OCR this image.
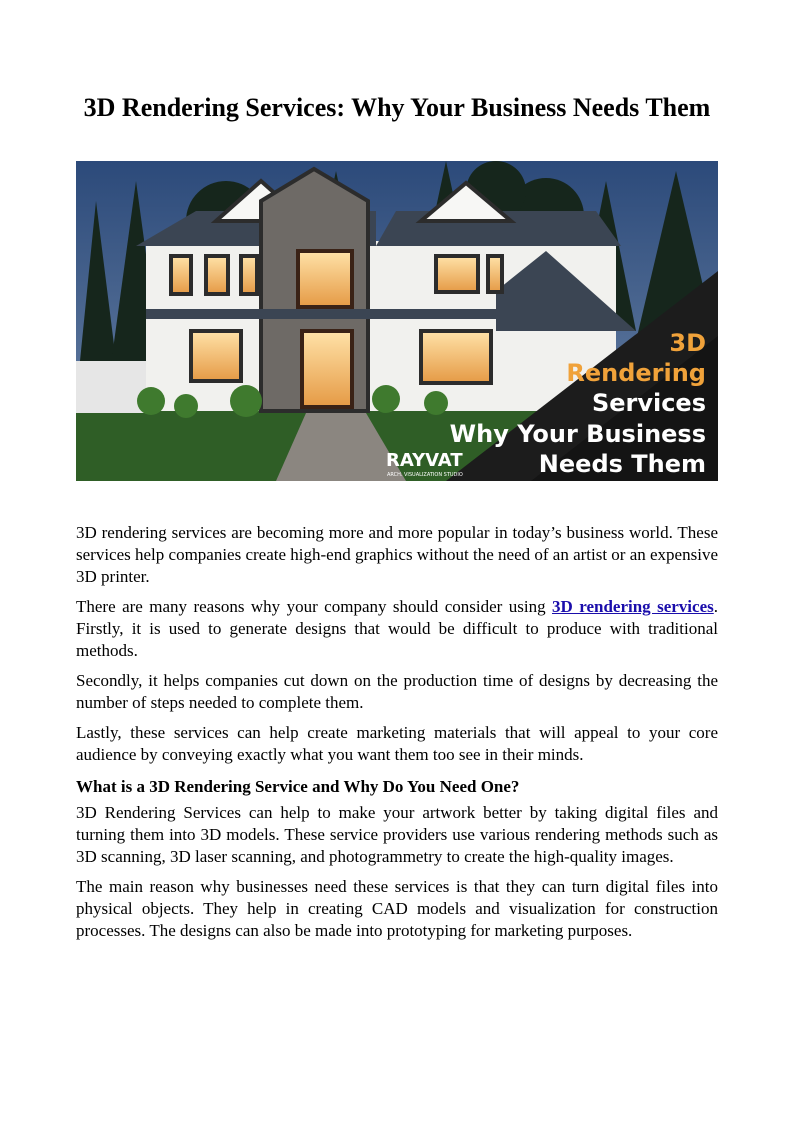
3D Rendering Services: Why Your Business Needs Them
3D
Rendering
Services
Why Your Business
Needs Them
RAYVAT
ARCH. VISUALIZATION STUDIO

3D rendering services are becoming more and more popular in today’s business world. These services help companies create high-end graphics without the need of an artist or an expensive 3D printer.

There are many reasons why your company should consider using 3D rendering services. Firstly, it is used to generate designs that would be difficult to produce with traditional methods.

Secondly, it helps companies cut down on the production time of designs by decreasing the number of steps needed to complete them.

Lastly, these services can help create marketing materials that will appeal to your core audience by conveying exactly what you want them too see in their minds.

What is a 3D Rendering Service and Why Do You Need One?

3D Rendering Services can help to make your artwork better by taking digital files and turning them into 3D models. These service providers use various rendering methods such as 3D scanning, 3D laser scanning, and photogrammetry to create the high-quality images.

The main reason why businesses need these services is that they can turn digital files into physical objects. They help in creating CAD models and visualization for construction processes. The designs can also be made into prototyping for marketing purposes.
